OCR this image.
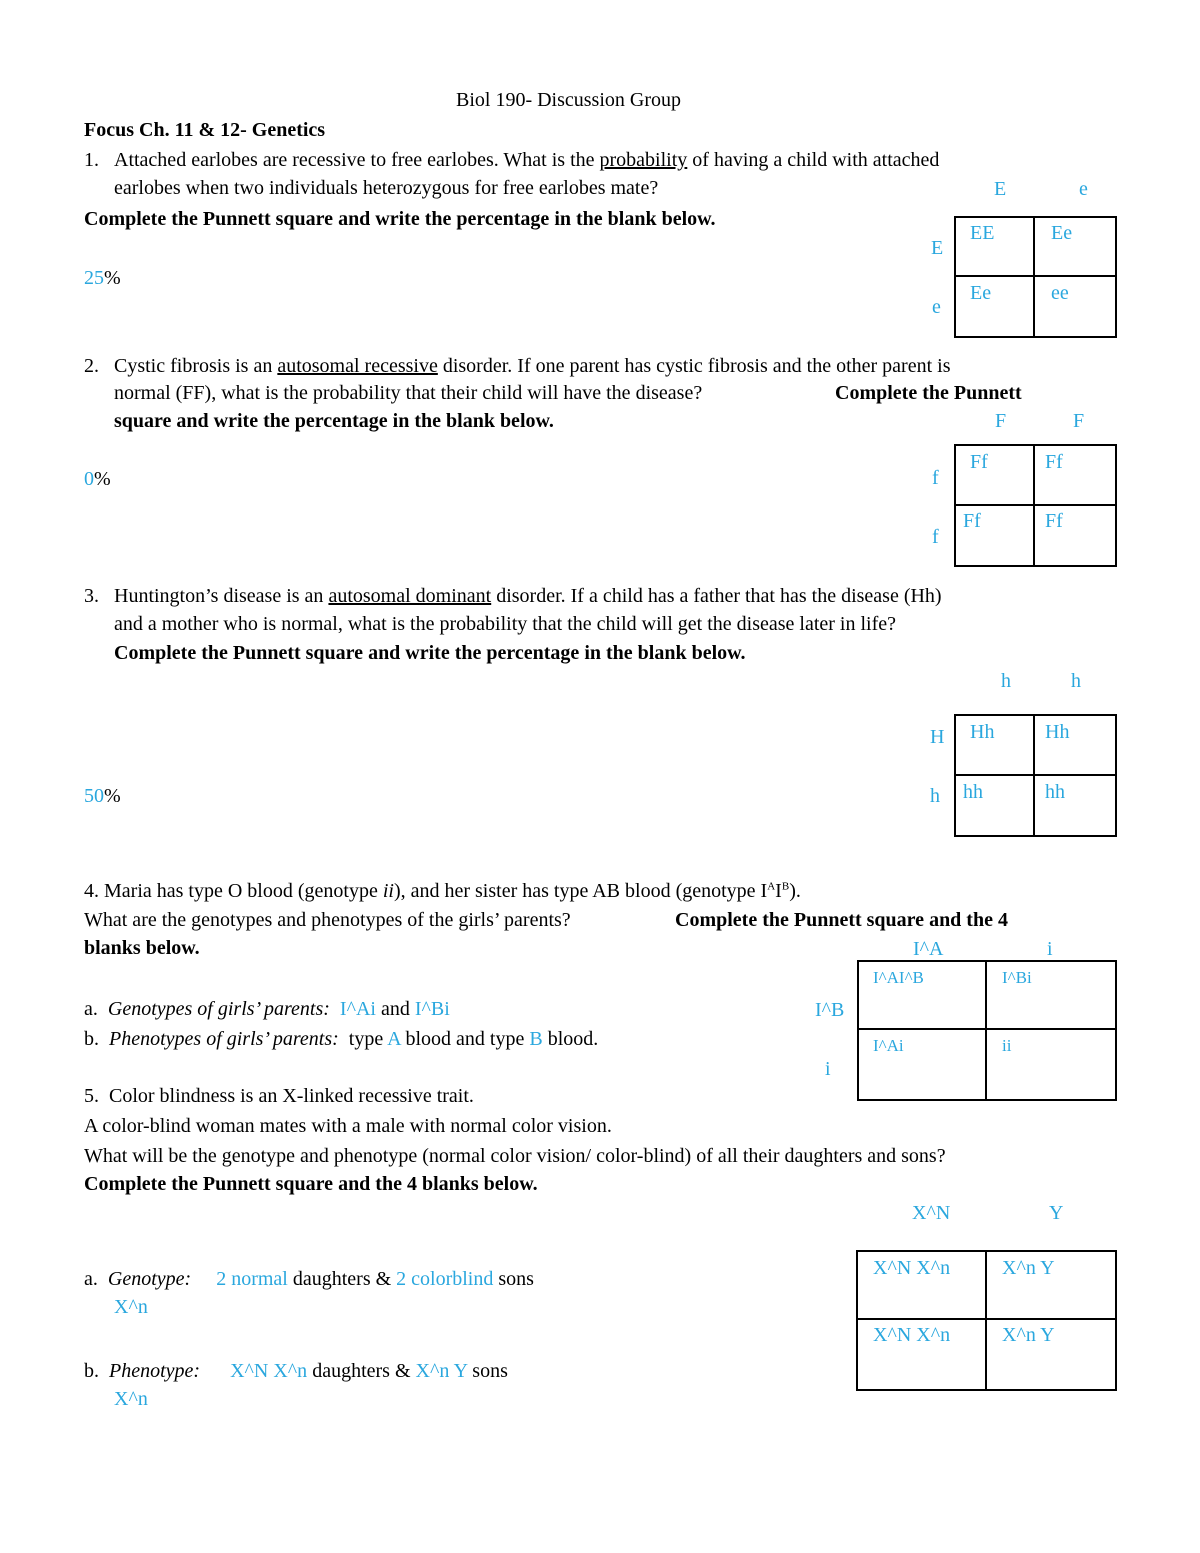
Biol 190- Discussion Group
Focus Ch. 11 & 12- Genetics
1. Attached earlobes are recessive to free earlobes. What is the probability of having a child with attached
earlobes when two individuals heterozygous for free earlobes mate?
Complete the Punnett square and write the percentage in the blank below.
25%
E	e
E
e
EE	Ee
Ee	ee
2. Cystic fibrosis is an autosomal recessive disorder. If one parent has cystic fibrosis and the other parent is
normal (FF), what is the probability that their child will have the disease?	Complete the Punnett
square and write the percentage in the blank below.
0%
F	F
f
f
Ff	Ff
Ff	Ff
3. Huntington’s disease is an autosomal dominant disorder. If a child has a father that has the disease (Hh)
and a mother who is normal, what is the probability that the child will get the disease later in life?
Complete the Punnett square and write the percentage in the blank below.
50%
h	h
H
h
Hh	Hh
hh	hh
4. Maria has type O blood (genotype ii), and her sister has type AB blood (genotype $I^AI^B$).
What are the genotypes and phenotypes of the girls’ parents?	Complete the Punnett square and the 4
blanks below.
a. Genotypes of girls’ parents: I^Ai and I^Bi
b. Phenotypes of girls’ parents: type A blood and type B blood.
I^A	i
I^B
i
I^AI^B	I^Bi
I^Ai	ii
5. Color blindness is an X-linked recessive trait.
A color-blind woman mates with a male with normal color vision.
What will be the genotype and phenotype (normal color vision/ color-blind) of all their daughters and sons?
Complete the Punnett square and the 4 blanks below.
a. Genotype: 2 normal daughters & 2 colorblind sons
X^n
b. Phenotype: X^N X^n daughters & X^n Y sons
X^n
X^N	Y
X^N X^n	X^n Y
X^N X^n	X^n Y
